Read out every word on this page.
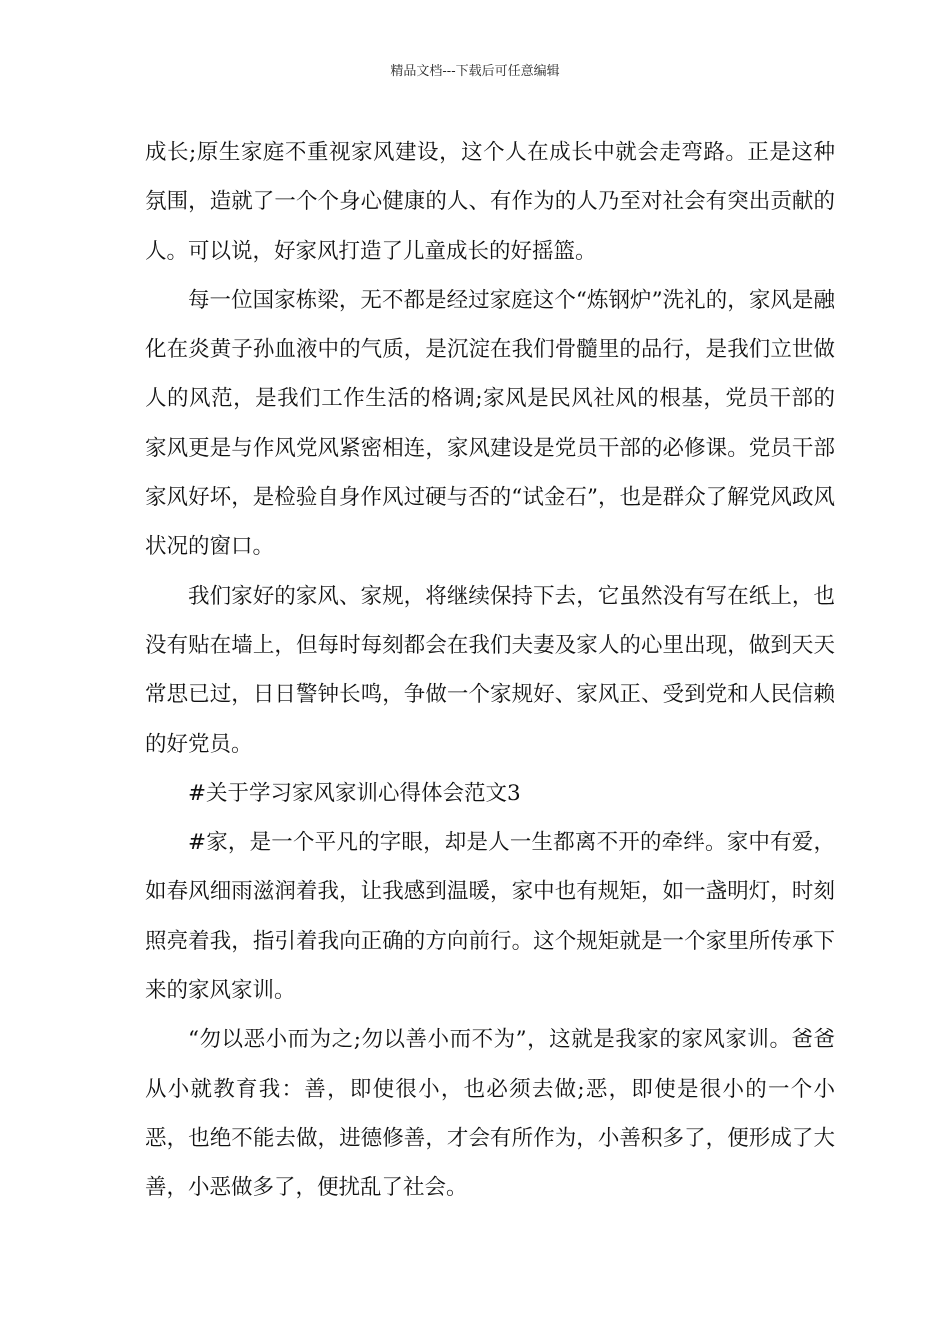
精品文档---下载后可任意编辑

成长;原生家庭不重视家风建设，这个人在成长中就会走弯路。正是这种氛围，造就了一个个身心健康的人、有作为的人乃至对社会有突出贡献的人。可以说，好家风打造了儿童成长的好摇篮。

每一位国家栋梁，无不都是经过家庭这个“炼钢炉”洗礼的，家风是融化在炎黄子孙血液中的气质，是沉淀在我们骨髓里的品行，是我们立世做人的风范，是我们工作生活的格调;家风是民风社风的根基，党员干部的家风更是与作风党风紧密相连，家风建设是党员干部的必修课。党员干部家风好坏，是检验自身作风过硬与否的“试金石”，也是群众了解党风政风状况的窗口。

我们家好的家风、家规，将继续保持下去，它虽然没有写在纸上，也没有贴在墙上，但每时每刻都会在我们夫妻及家人的心里出现，做到天天常思已过，日日警钟长鸣，争做一个家规好、家风正、受到党和人民信赖的好党员。

#关于学习家风家训心得体会范文3

#家，是一个平凡的字眼，却是人一生都离不开的牵绊。家中有爱，如春风细雨滋润着我，让我感到温暖，家中也有规矩，如一盏明灯，时刻照亮着我，指引着我向正确的方向前行。这个规矩就是一个家里所传承下来的家风家训。

“勿以恶小而为之;勿以善小而不为”，这就是我家的家风家训。爸爸从小就教育我：善，即使很小，也必须去做;恶，即使是很小的一个小恶，也绝不能去做，进德修善，才会有所作为，小善积多了，便形成了大善，小恶做多了，便扰乱了社会。
